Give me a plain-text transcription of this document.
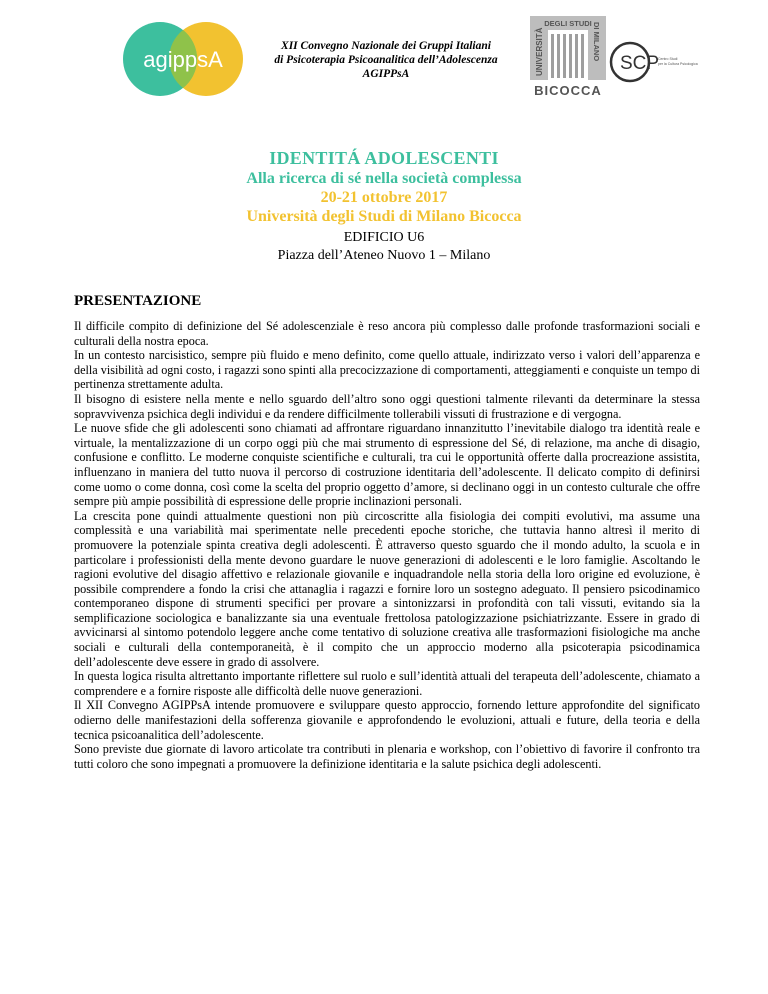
agippsA
XII Convegno Nazionale dei Gruppi Italiani
di Psicoterapia Psicoanalitica dell’Adolescenza
AGIPPsA	UNIVERSITÀ
DEGLI STUDI DI MILANO
BICOCCA
SCP
Centro Studi
per la Cultura Psicologica
IDENTITÁ ADOLESCENTI
Alla ricerca di sé nella società complessa
20-21 ottobre 2017
Università degli Studi di Milano Bicocca
EDIFICIO U6
Piazza dell’Ateneo Nuovo 1 – Milano
PRESENTAZIONE

Il difficile compito di definizione del Sé adolescenziale è reso ancora più complesso dalle profonde trasformazioni sociali e culturali della nostra epoca.

In un contesto narcisistico, sempre più fluido e meno definito, come quello attuale, indirizzato verso i valori dell’apparenza e della visibilità ad ogni costo, i ragazzi sono spinti alla precocizzazione di comportamenti, atteggiamenti e conquiste un tempo di pertinenza strettamente adulta.

Il bisogno di esistere nella mente e nello sguardo dell’altro sono oggi questioni talmente rilevanti da determinare la stessa sopravvivenza psichica degli individui e da rendere difficilmente tollerabili vissuti di frustrazione e di vergogna.

Le nuove sfide che gli adolescenti sono chiamati ad affrontare riguardano innanzitutto l’inevitabile dialogo tra identità reale e virtuale, la mentalizzazione di un corpo oggi più che mai strumento di espressione del Sé, di relazione, ma anche di disagio, confusione e conflitto. Le moderne conquiste scientifiche e culturali, tra cui le opportunità offerte dalla procreazione assistita, influenzano in maniera del tutto nuova il percorso di costruzione identitaria dell’adolescente. Il delicato compito di definirsi come uomo o come donna, così come la scelta del proprio oggetto d’amore, si declinano oggi in un contesto culturale che offre sempre più ampie possibilità di espressione delle proprie inclinazioni personali.

La crescita pone quindi attualmente questioni non più circoscritte alla fisiologia dei compiti evolutivi, ma assume una complessità e una variabilità mai sperimentate nelle precedenti epoche storiche, che tuttavia hanno altresì il merito di promuovere la potenziale spinta creativa degli adolescenti. È attraverso questo sguardo che il mondo adulto, la scuola e in particolare i professionisti della mente devono guardare le nuove generazioni di adolescenti e le loro famiglie. Ascoltando le ragioni evolutive del disagio affettivo e relazionale giovanile e inquadrandole nella storia della loro origine ed evoluzione, è possibile comprendere a fondo la crisi che attanaglia i ragazzi e fornire loro un sostegno adeguato. Il pensiero psicodinamico contemporaneo dispone di strumenti specifici per provare a sintonizzarsi in profondità con tali vissuti, evitando sia la semplificazione sociologica e banalizzante sia una eventuale frettolosa patologizzazione psichiatrizzante. Essere in grado di avvicinarsi al sintomo potendolo leggere anche come tentativo di soluzione creativa alle trasformazioni fisiologiche ma anche sociali e culturali della contemporaneità, è il compito che un approccio moderno alla psicoterapia psicodinamica dell’adolescente deve essere in grado di assolvere.

In questa logica risulta altrettanto importante riflettere sul ruolo e sull’identità attuali del terapeuta dell’adolescente, chiamato a comprendere e a fornire risposte alle difficoltà delle nuove generazioni.

Il XII Convegno AGIPPsA intende promuovere e sviluppare questo approccio, fornendo letture approfondite del significato odierno delle manifestazioni della sofferenza giovanile e approfondendo le evoluzioni, attuali e future, della teoria e della tecnica psicoanalitica dell’adolescente.

Sono previste due giornate di lavoro articolate tra contributi in plenaria e workshop, con l’obiettivo di favorire il confronto tra tutti coloro che sono impegnati a promuovere la definizione identitaria e la salute psichica degli adolescenti.
